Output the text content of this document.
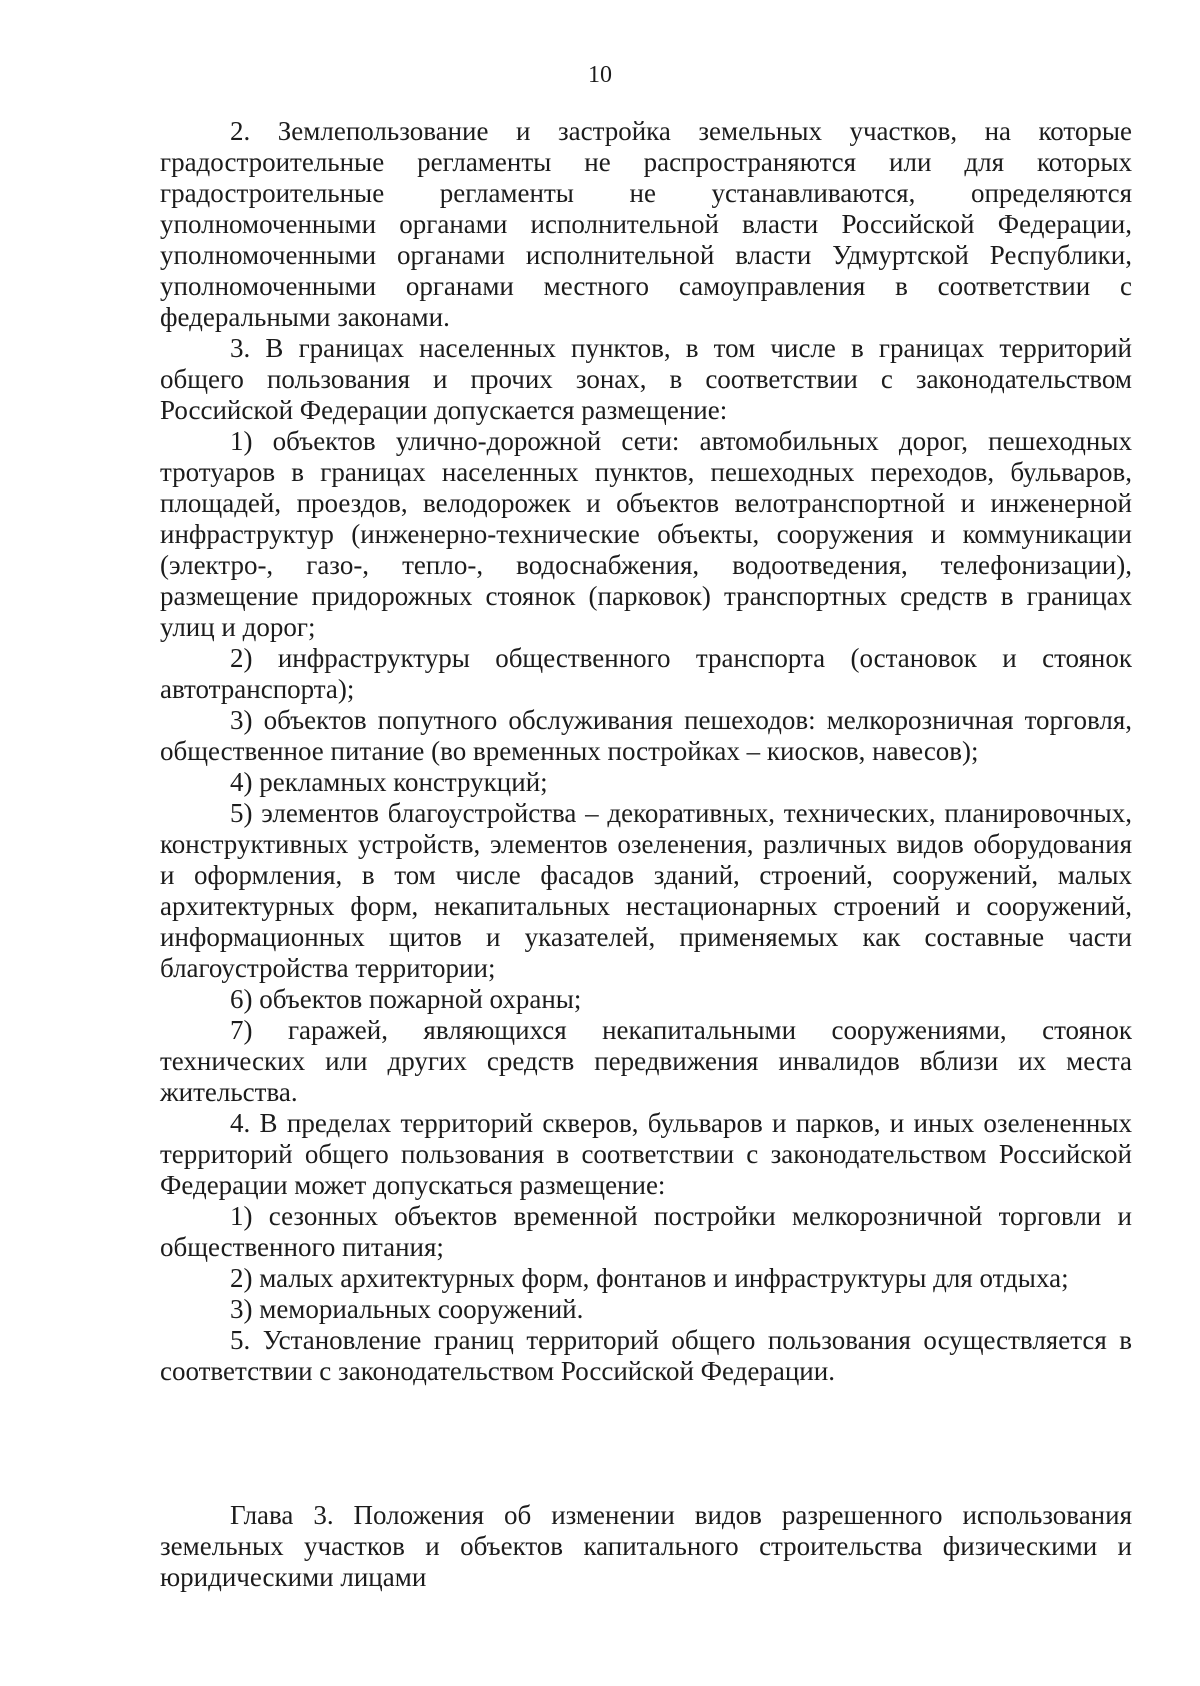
10

2. Землепользование и застройка земельных участков, на которые градостроительные регламенты не распространяются или для которых градостроительные регламенты не устанавливаются, определяются уполномоченными органами исполнительной власти Российской Федерации, уполномоченными органами исполнительной власти Удмуртской Республики, уполномоченными органами местного самоуправления в соответствии с федеральными законами.

3. В границах населенных пунктов, в том числе в границах территорий общего пользования и прочих зонах, в соответствии с законодательством Российской Федерации допускается размещение:

1) объектов улично-дорожной сети: автомобильных дорог, пешеходных тротуаров в границах населенных пунктов, пешеходных переходов, бульваров, площадей, проездов, велодорожек и объектов велотранспортной и инженерной инфраструктур (инженерно-технические объекты, сооружения и коммуникации (электро-, газо-, тепло-, водоснабжения, водоотведения, телефонизации), размещение придорожных стоянок (парковок) транспортных средств в границах улиц и дорог;

2) инфраструктуры общественного транспорта (остановок и стоянок автотранспорта);

3) объектов попутного обслуживания пешеходов: мелкорозничная торговля, общественное питание (во временных постройках – киосков, навесов);

4) рекламных конструкций;

5) элементов благоустройства – декоративных, технических, планировочных, конструктивных устройств, элементов озеленения, различных видов оборудования и оформления, в том числе фасадов зданий, строений, сооружений, малых архитектурных форм, некапитальных нестационарных строений и сооружений, информационных щитов и указателей, применяемых как составные части благоустройства территории;

6) объектов пожарной охраны;

7) гаражей, являющихся некапитальными сооружениями, стоянок технических или других средств передвижения инвалидов вблизи их места жительства.

4. В пределах территорий скверов, бульваров и парков, и иных озелененных территорий общего пользования в соответствии с законодательством Российской Федерации может допускаться размещение:

1) сезонных объектов временной постройки мелкорозничной торговли и общественного питания;

2) малых архитектурных форм, фонтанов и инфраструктуры для отдыха;

3) мемориальных сооружений.

5. Установление границ территорий общего пользования осуществляется в соответствии с законодательством Российской Федерации.

Глава 3. Положения об изменении видов разрешенного использования земельных участков и объектов капитального строительства физическими и юридическими лицами
